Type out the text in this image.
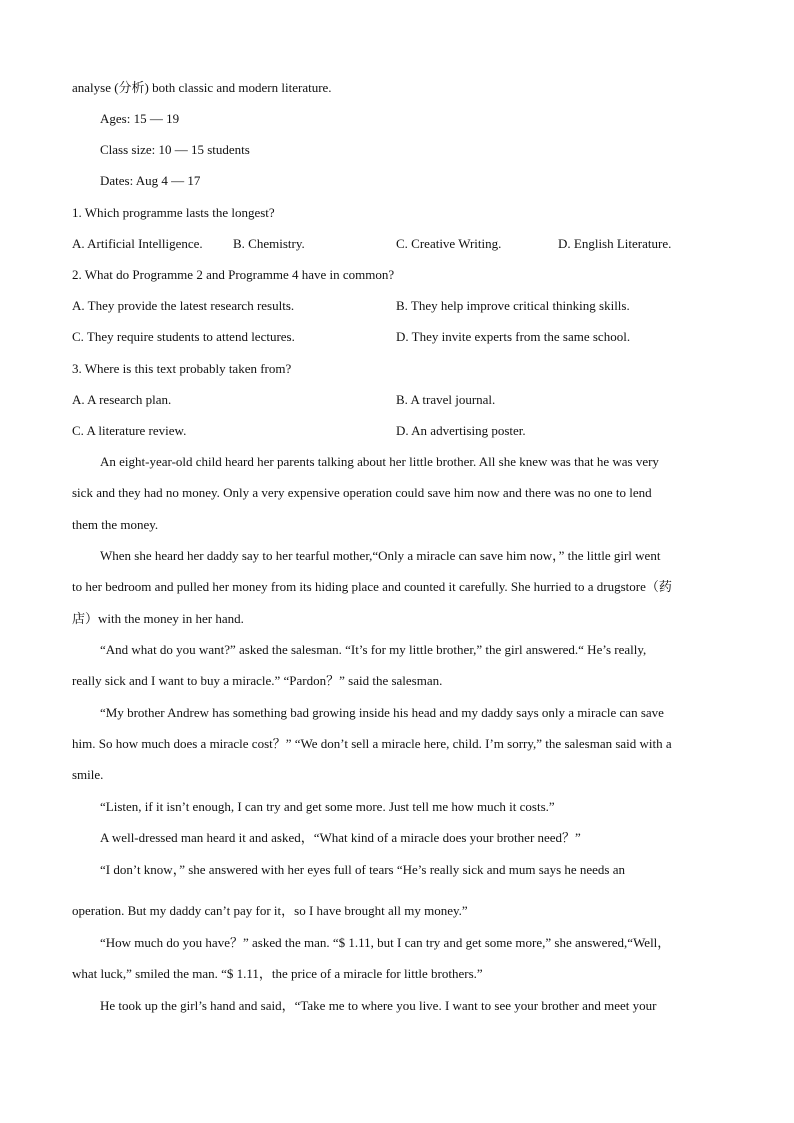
analyse (分析) both classic and modern literature.
Ages: 15 — 19
Class size: 10 — 15 students
Dates: Aug 4 — 17
1. Which programme lasts the longest?
A. Artificial Intelligence. B. Chemistry.	C. Creative Writing.	D. English Literature.
2. What do Programme 2 and Programme 4 have in common?
A. They provide the latest research results.	B. They help improve critical thinking skills.
C. They require students to attend lectures.	D. They invite experts from the same school.
3. Where is this text probably taken from?
A. A research plan.	B. A travel journal.
C. A literature review.	D. An advertising poster.
An eight-year-old child heard her parents talking about her little brother. All she knew was that he was very
sick and they had no money. Only a very expensive operation could save him now and there was no one to lend
them the money.
When she heard her daddy say to her tearful mother,“Only a miracle can save him now，” the little girl went
to her bedroom and pulled her money from its hiding place and counted it carefully. She hurried to a drugstore（药
店）with the money in her hand.
“And what do you want?” asked the salesman. “It’s for my little brother,” the girl answered.“ He’s really,
really sick and I want to buy a miracle.” “Pardon？” said the salesman.
“My brother Andrew has something bad growing inside his head and my daddy says only a miracle can save
him. So how much does a miracle cost？” “We don’t sell a miracle here, child. I’m sorry,” the salesman said with a
smile.
“Listen, if it isn’t enough, I can try and get some more. Just tell me how much it costs.”
A well-dressed man heard it and asked，“What kind of a miracle does your brother need？”
“I don’t know，” she answered with her eyes full of tears “He’s really sick and mum says he needs an
operation. But my daddy can’t pay for it，so I have brought all my money.”
“How much do you have？” asked the man. “$ 1.11, but I can try and get some more,” she answered,“Well，
what luck,” smiled the man. “$ 1.11，the price of a miracle for little brothers.”
He took up the girl’s hand and said，“Take me to where you live. I want to see your brother and meet your
